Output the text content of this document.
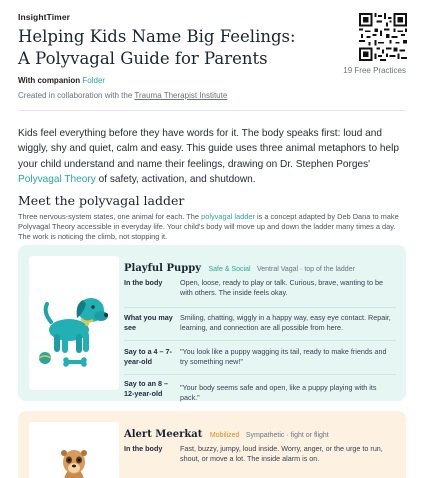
InsightTimer
Helping Kids Name Big Feelings:
A Polyvagal Guide for Parents
With companion Folder
Created in collaboration with the Trauma Therapist Institute
19 Free Practices
Kids feel everything before they have words for it. The body speaks first: loud and wiggly, shy and quiet, calm and easy. This guide uses three animal metaphors to help your child understand and name their feelings, drawing on Dr. Stephen Porges' Polyvagal Theory of safety, activation, and shutdown.
Meet the polyvagal ladder
Three nervous-system states, one animal for each. The polyvagal ladder is a concept adapted by Deb Dana to make Polyvagal Theory accessible in everyday life. Your child's body will move up and down the ladder many times a day. The work is noticing the climb, not stopping it.
Playful Puppy Safe & Social Ventral Vagal · top of the ladder
In the body	Open, loose, ready to play or talk. Curious, brave, wanting to be with others. The inside feels okay.
What you may see
Smiling, chatting, wiggly in a happy way, easy eye contact. Repair, learning, and connection are all possible from here.
Say to a 4 – 7-year-old
"You look like a puppy wagging its tail, ready to make friends and try something new!"
Say to an 8 – 12-year-old
"Your body seems safe and open, like a puppy playing with its pack."
Alert Meerkat Mobilized Sympathetic · fight or flight
In the body	Fast, buzzy, jumpy, loud inside. Worry, anger, or the urge to run, shout, or move a lot. The inside alarm is on.
